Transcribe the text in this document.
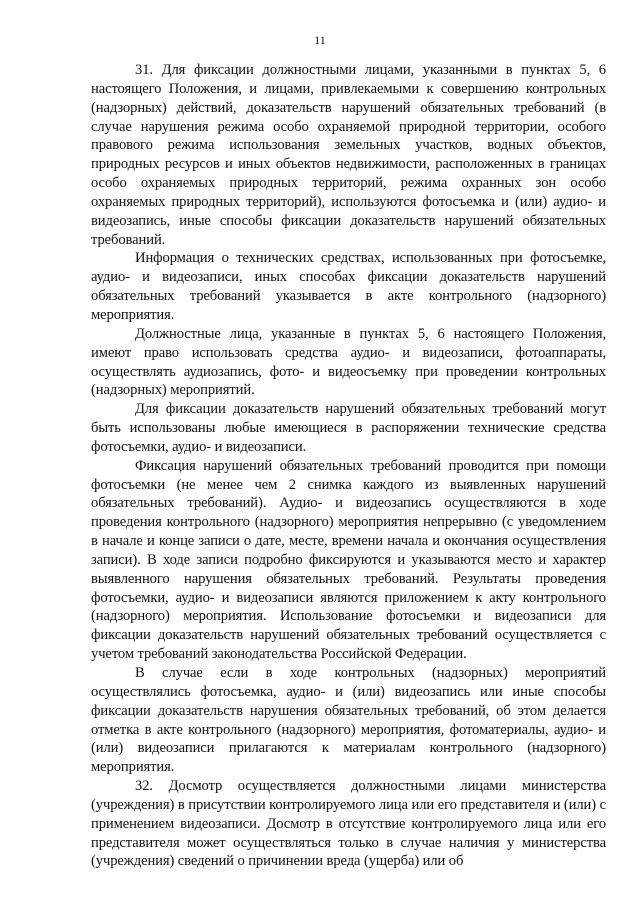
11

31. Для фиксации должностными лицами, указанными в пунктах 5, 6 настоящего Положения, и лицами, привлекаемыми к совершению контрольных (надзорных) действий, доказательств нарушений обязательных требований (в случае нарушения режима особо охраняемой природной территории, особого правового режима использования земельных участков, водных объектов, природных ресурсов и иных объектов недвижимости, расположенных в границах особо охраняемых природных территорий, режима охранных зон особо охраняемых природных территорий), используются фотосъемка и (или) аудио- и видеозапись, иные способы фиксации доказательств нарушений обязательных требований.

Информация о технических средствах, использованных при фотосъемке, аудио- и видеозаписи, иных способах фиксации доказательств нарушений обязательных требований указывается в акте контрольного (надзорного) мероприятия.

Должностные лица, указанные в пунктах 5, 6 настоящего Положения, имеют право использовать средства аудио- и видеозаписи, фотоаппараты, осуществлять аудиозапись, фото- и видеосъемку при проведении контрольных (надзорных) мероприятий.

Для фиксации доказательств нарушений обязательных требований могут быть использованы любые имеющиеся в распоряжении технические средства фотосъемки, аудио- и видеозаписи.

Фиксация нарушений обязательных требований проводится при помощи фотосъемки (не менее чем 2 снимка каждого из выявленных нарушений обязательных требований). Аудио- и видеозапись осуществляются в ходе проведения контрольного (надзорного) мероприятия непрерывно (с уведомлением в начале и конце записи о дате, месте, времени начала и окончания осуществления записи). В ходе записи подробно фиксируются и указываются место и характер выявленного нарушения обязательных требований. Результаты проведения фотосъемки, аудио- и видеозаписи являются приложением к акту контрольного (надзорного) мероприятия. Использование фотосъемки и видеозаписи для фиксации доказательств нарушений обязательных требований осуществляется с учетом требований законодательства Российской Федерации.

В случае если в ходе контрольных (надзорных) мероприятий осуществлялись фотосъемка, аудио- и (или) видеозапись или иные способы фиксации доказательств нарушения обязательных требований, об этом делается отметка в акте контрольного (надзорного) мероприятия, фотоматериалы, аудио- и (или) видеозаписи прилагаются к материалам контрольного (надзорного) мероприятия.

32. Досмотр осуществляется должностными лицами министерства (учреждения) в присутствии контролируемого лица или его представителя и (или) с применением видеозаписи. Досмотр в отсутствие контролируемого лица или его представителя может осуществляться только в случае наличия у министерства (учреждения) сведений о причинении вреда (ущерба) или об
